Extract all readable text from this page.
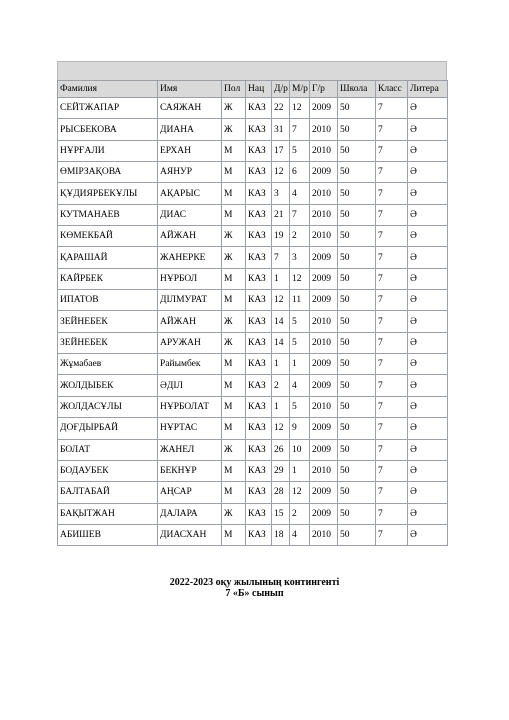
Фамилия	Имя	Пол	Нац	Д/р	М/р	Г/р	Школа	Класс	Литера
СЕЙТЖАПАР	САЯЖАН	Ж	КАЗ	22	12	2009	50	7	Ә
РЫСБЕКОВА	ДИАНА	Ж	КАЗ	31	7	2010	50	7	Ә
НҰРҒАЛИ	ЕРХАН	М	КАЗ	17	5	2010	50	7	Ә
ӨМІРЗАҚОВА	АЯНУР	М	КАЗ	12	6	2009	50	7	Ә
ҚҰДИЯРБЕКҰЛЫ	АҚАРЫС	М	КАЗ	3	4	2010	50	7	Ә
КУТМАНАЕВ	ДИАС	М	КАЗ	21	7	2010	50	7	Ә
КӨМЕКБАЙ	АЙЖАН	Ж	КАЗ	19	2	2010	50	7	Ә
ҚАРАШАЙ	ЖАНЕРКЕ	Ж	КАЗ	7	3	2009	50	7	Ә
КАЙРБЕК	НҰРБОЛ	М	КАЗ	1	12	2009	50	7	Ә
ИПАТОВ	ДІЛМУРАТ	М	КАЗ	12	11	2009	50	7	Ә
ЗЕЙНЕБЕК	АЙЖАН	Ж	КАЗ	14	5	2010	50	7	Ә
ЗЕЙНЕБЕК	АРУЖАН	Ж	КАЗ	14	5	2010	50	7	Ә
Жұмабаев	Райымбек	М	КАЗ	1	1	2009	50	7	Ә
ЖОЛДЫБЕК	ӘДІЛ	М	КАЗ	2	4	2009	50	7	Ә
ЖОЛДАСҰЛЫ	НҰРБОЛАТ	М	КАЗ	1	5	2010	50	7	Ә
ДОҒДЫРБАЙ	НҰРТАС	М	КАЗ	12	9	2009	50	7	Ә
БОЛАТ	ЖАНЕЛ	Ж	КАЗ	26	10	2009	50	7	Ә
БОДАУБЕК	БЕКНҰР	М	КАЗ	29	1	2010	50	7	Ә
БАЛТАБАЙ	АҢСАР	М	КАЗ	28	12	2009	50	7	Ә
БАҚЫТЖАН	ДАЛАРА	Ж	КАЗ	15	2	2009	50	7	Ә
АБИШЕВ	ДИАСХАН	М	КАЗ	18	4	2010	50	7	Ә
2022-2023 оқу жылының контингенті
7 «Б» сынып
